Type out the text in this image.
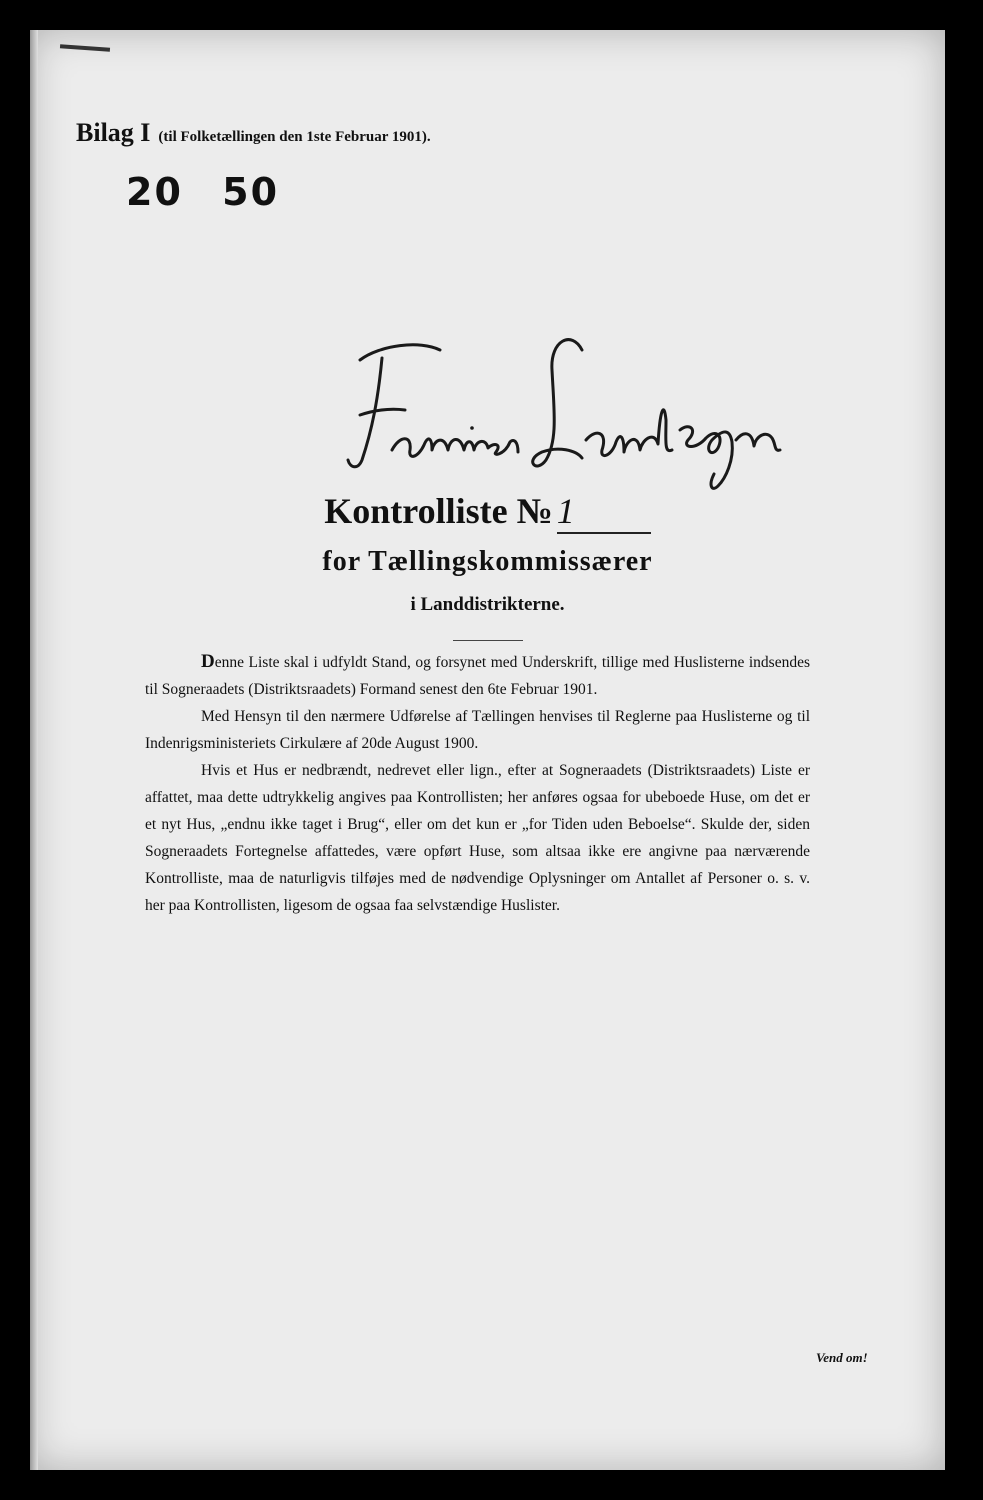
Bilag I (til Folketællingen den 1ste Februar 1901).
20 50
Kontrolliste № 1
for Tællingskommissærer
i Landdistrikterne.

Denne Liste skal i udfyldt Stand, og forsynet med Underskrift, tillige med Huslisterne indsendes til Sogneraadets (Distriktsraadets) Formand senest den 6te Februar 1901.

Med Hensyn til den nærmere Udførelse af Tællingen henvises til Reglerne paa Huslisterne og til Indenrigsministeriets Cirkulære af 20de August 1900.

Hvis et Hus er nedbrændt, nedrevet eller lign., efter at Sogneraadets (Distriktsraadets) Liste er affattet, maa dette udtrykkelig angives paa Kontrollisten; her anføres ogsaa for ubeboede Huse, om det er et nyt Hus, „endnu ikke taget i Brug“, eller om det kun er „for Tiden uden Beboelse“. Skulde der, siden Sogneraadets Fortegnelse affattedes, være opført Huse, som altsaa ikke ere angivne paa nærværende Kontrolliste, maa de naturligvis tilføjes med de nødvendige Oplysninger om Antallet af Personer o. s. v. her paa Kontrollisten, ligesom de ogsaa faa selvstændige Huslister.

Vend om!
